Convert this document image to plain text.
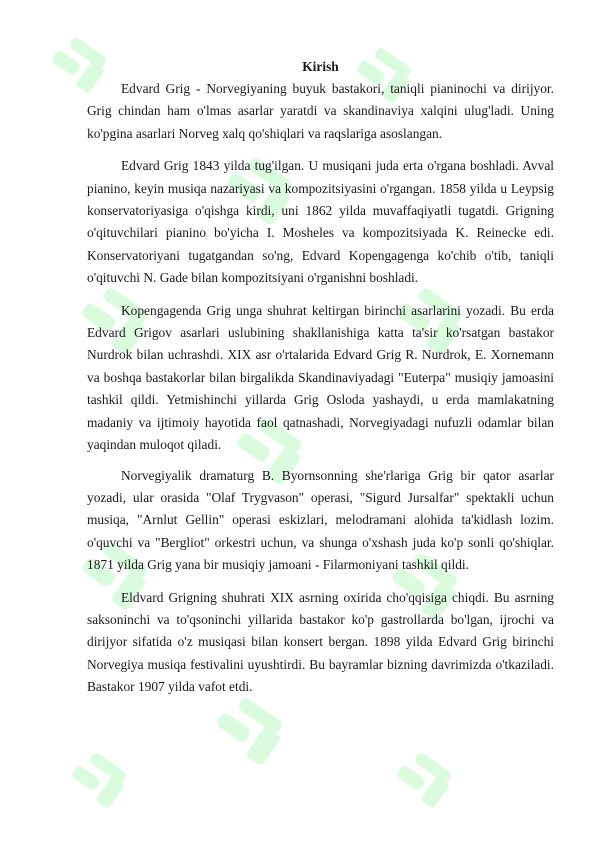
Kirish

Edvard Grig - Norvegiyaning buyuk bastakori, taniqli pianinochi va dirijyor. Grig chindan ham o'lmas asarlar yaratdi va skandinaviya xalqini ulug'ladi. Uning ko'pgina asarlari Norveg xalq qo'shiqlari va raqslariga asoslangan.

Edvard Grig 1843 yilda tug'ilgan. U musiqani juda erta o'rgana boshladi. Avval pianino, keyin musiqa nazariyasi va kompozitsiyasini o'rgangan. 1858 yilda u Leypsig konservatoriyasiga o'qishga kirdi, uni 1862 yilda muvaffaqiyatli tugatdi. Grigning o'qituvchilari pianino bo'yicha I. Mosheles va kompozitsiyada K. Reinecke edi. Konservatoriyani tugatgandan so'ng, Edvard Kopengagenga ko'chib o'tib, taniqli o'qituvchi N. Gade bilan kompozitsiyani o'rganishni boshladi.

Kopengagenda Grig unga shuhrat keltirgan birinchi asarlarini yozadi. Bu erda Edvard Grigov asarlari uslubining shakllanishiga katta ta'sir ko'rsatgan bastakor Nurdrok bilan uchrashdi. XIX asr o'rtalarida Edvard Grig R. Nurdrok, E. Xornemann va boshqa bastakorlar bilan birgalikda Skandinaviyadagi "Euterpa" musiqiy jamoasini tashkil qildi. Yetmishinchi yillarda Grig Osloda yashaydi, u erda mamlakatning madaniy va ijtimoiy hayotida faol qatnashadi, Norvegiyadagi nufuzli odamlar bilan yaqindan muloqot qiladi.

Norvegiyalik dramaturg B. Byornsonning she'rlariga Grig bir qator asarlar yozadi, ular orasida "Olaf Trygvason" operasi, "Sigurd Jursalfar" spektakli uchun musiqa, "Arnlut Gellin" operasi eskizlari, melodramani alohida ta'kidlash lozim. o'quvchi va "Bergliot" orkestri uchun, va shunga o'xshash juda ko'p sonli qo'shiqlar. 1871 yilda Grig yana bir musiqiy jamoani - Filarmoniyani tashkil qildi.

Eldvard Grigning shuhrati XIX asrning oxirida cho'qqisiga chiqdi. Bu asrning saksoninchi va to'qsoninchi yillarida bastakor ko'p gastrollarda bo'lgan, ijrochi va dirijyor sifatida o'z musiqasi bilan konsert bergan. 1898 yilda Edvard Grig birinchi Norvegiya musiqa festivalini uyushtirdi. Bu bayramlar bizning davrimizda o'tkaziladi. Bastakor 1907 yilda vafot etdi.
